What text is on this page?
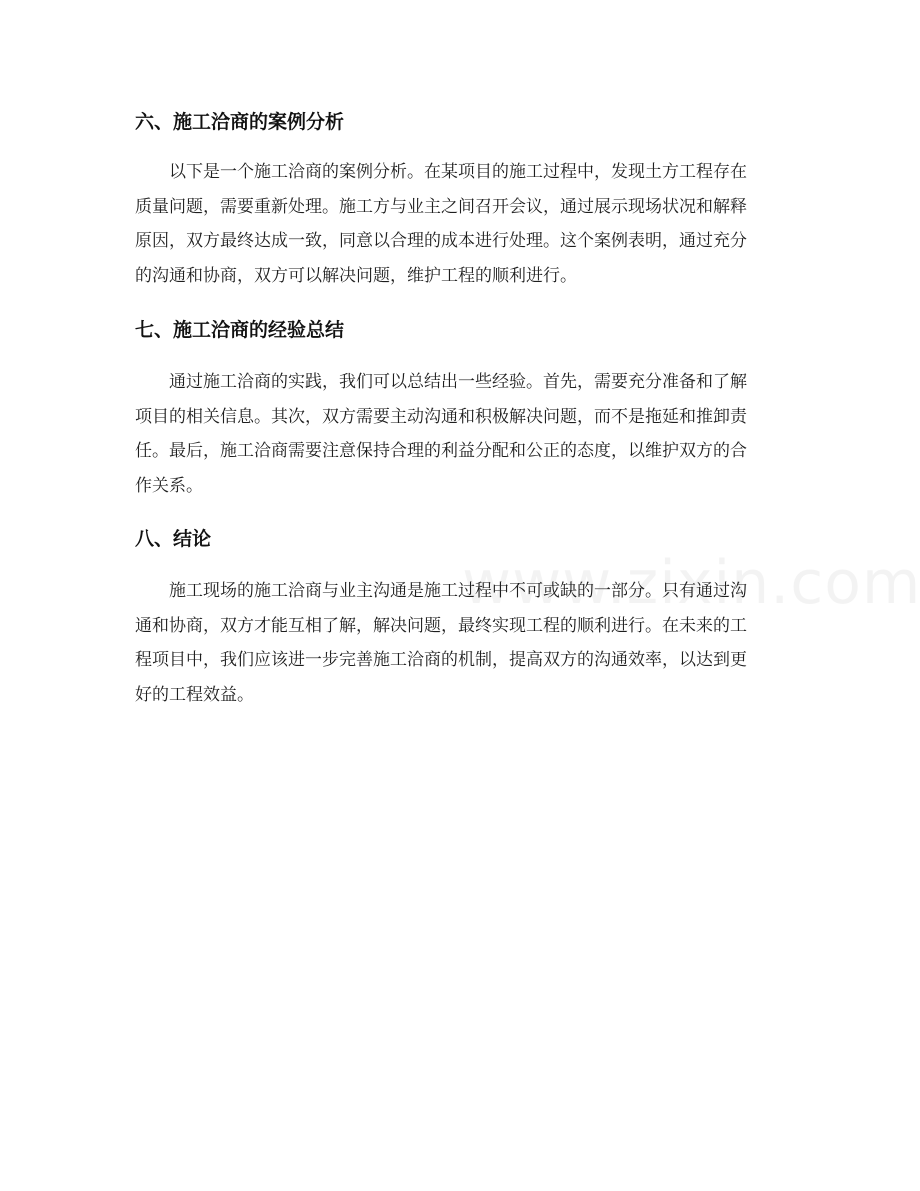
六、施工洽商的案例分析
以下是一个施工洽商的案例分析。在某项目的施工过程中，发现土方工程存在
质量问题，需要重新处理。施工方与业主之间召开会议，通过展示现场状况和解释
原因，双方最终达成一致，同意以合理的成本进行处理。这个案例表明，通过充分
的沟通和协商，双方可以解决问题，维护工程的顺利进行。
七、施工洽商的经验总结
通过施工洽商的实践，我们可以总结出一些经验。首先，需要充分准备和了解
项目的相关信息。其次，双方需要主动沟通和积极解决问题，而不是拖延和推卸责
任。最后，施工洽商需要注意保持合理的利益分配和公正的态度，以维护双方的合
作关系。
八、结论
施工现场的施工洽商与业主沟通是施工过程中不可或缺的一部分。只有通过沟
通和协商，双方才能互相了解，解决问题，最终实现工程的顺利进行。在未来的工
程项目中，我们应该进一步完善施工洽商的机制，提高双方的沟通效率，以达到更
好的工程效益。
